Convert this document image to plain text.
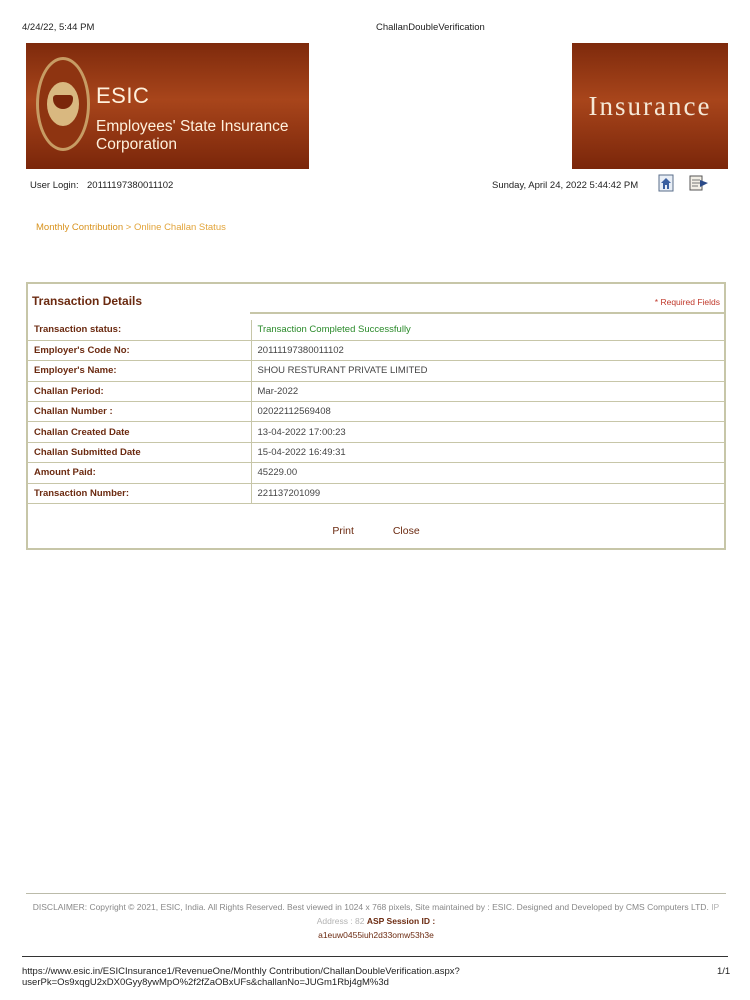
4/24/22, 5:44 PM	ChallanDoubleVerification
ESIC
Employees' State Insurance Corporation
Insurance
User Login: 20111197380011102	Sunday, April 24, 2022 5:44:42 PM
Monthly Contribution > Online Challan Status
Transaction Details	* Required Fields
Transaction status:	Transaction Completed Successfully
Employer's Code No:	20111197380011102
Employer's Name:	SHOU RESTURANT PRIVATE LIMITED
Challan Period:	Mar-2022
Challan Number :	02022112569408
Challan Created Date	13-04-2022 17:00:23
Challan Submitted Date	15-04-2022 16:49:31
Amount Paid:	45229.00
Transaction Number:	221137201099
Print	Close
DISCLAIMER: Copyright © 2021, ESIC, India. All Rights Reserved. Best viewed in 1024 x 768 pixels, Site maintained by : ESIC. Designed and Developed by CMS Computers LTD. IP Address : 82 ASP Session ID :
a1euw0455iuh2d33omw53h3e
https://www.esic.in/ESICInsurance1/RevenueOne/Monthly Contribution/ChallanDoubleVerification.aspx?userPk=Os9xqgU2xDX0Gyy8ywMpO%2f2fZaOBxUFs&challanNo=JUGm1Rbj4gM%3d
1/1
